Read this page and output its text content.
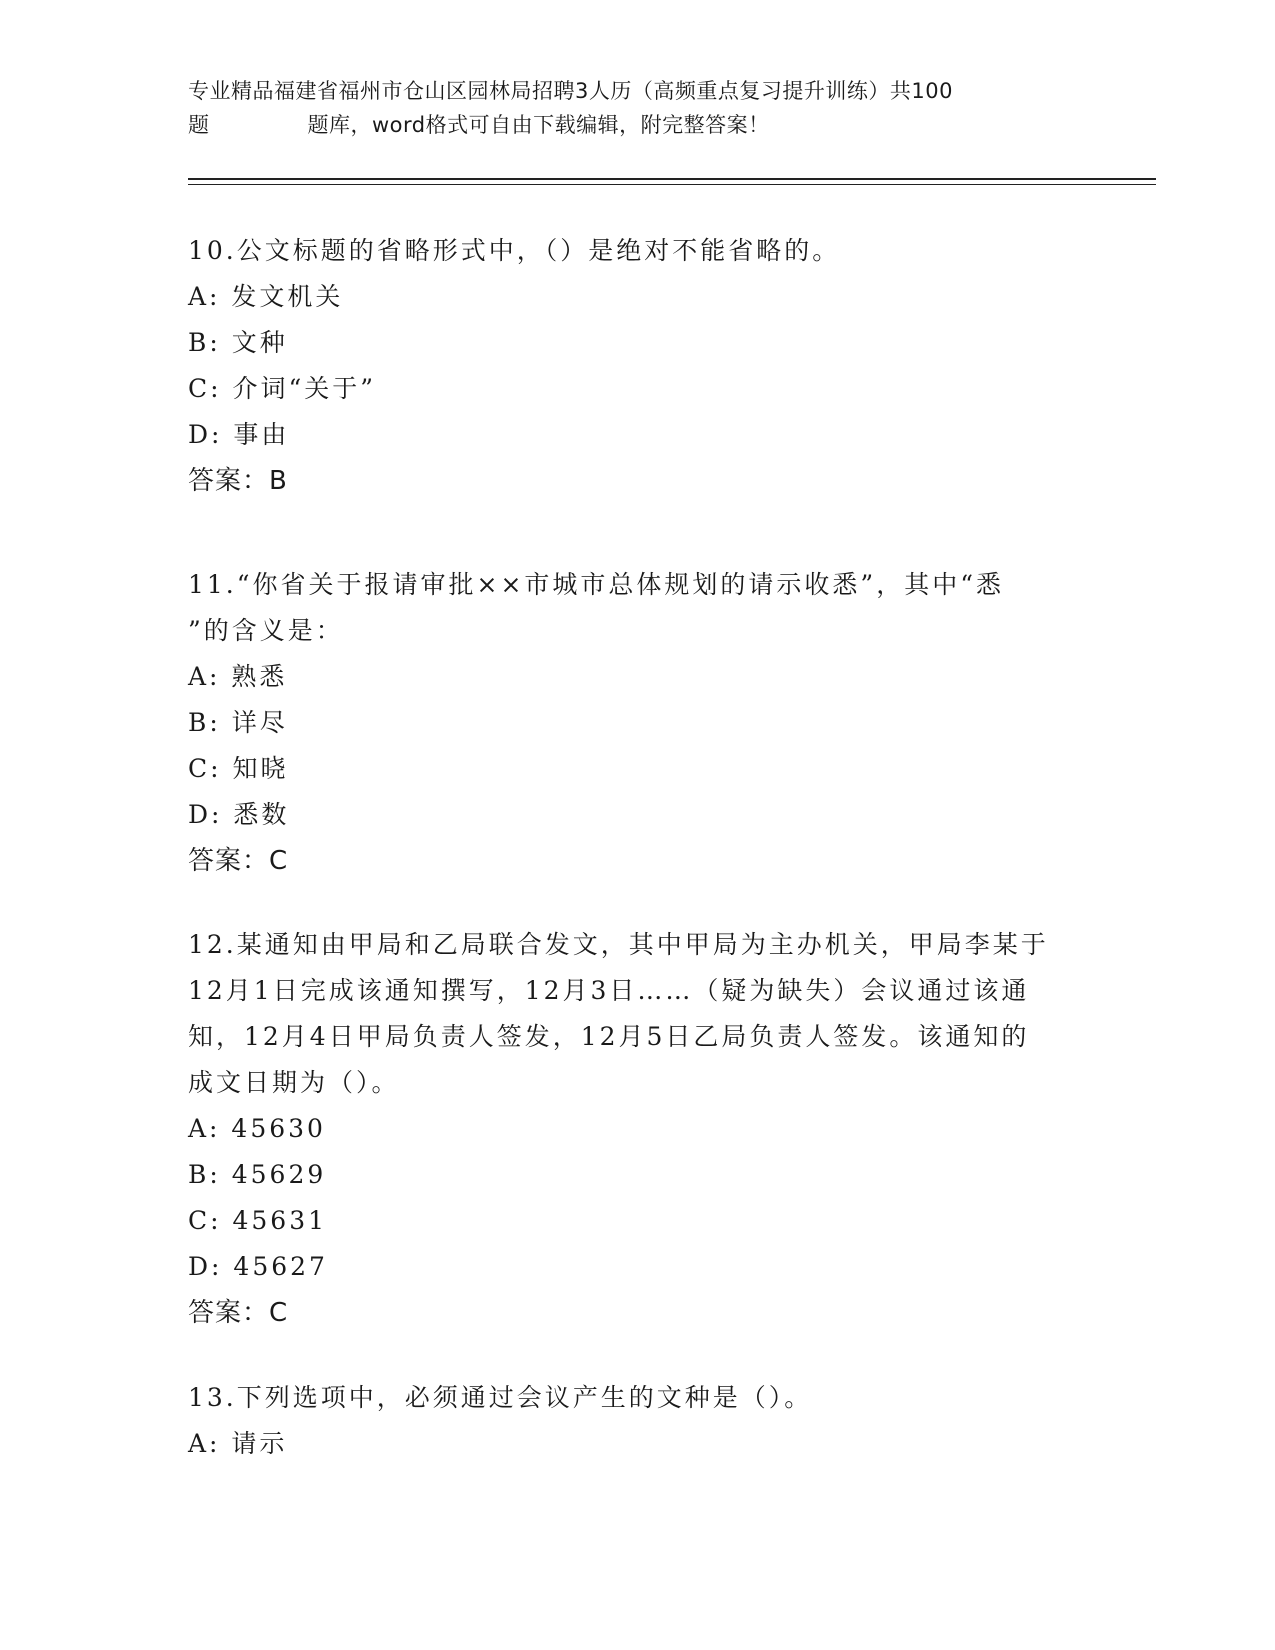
专业精品福建省福州市仓山区园林局招聘3人历（高频重点复习提升训练）共100
题	题库，word格式可自由下载编辑，附完整答案！
10.公文标题的省略形式中，（）是绝对不能省略的。
A: 发文机关
B: 文种
C: 介词“关于”
D: 事由
答案：B
11.“你省关于报请审批××市城市总体规划的请示收悉”，其中“悉
”的含义是：
A: 熟悉
B: 详尽
C: 知晓
D: 悉数
答案：C
12.某通知由甲局和乙局联合发文，其中甲局为主办机关，甲局李某于
12月1日完成该通知撰写，12月3日……（疑为缺失）会议通过该通
知，12月4日甲局负责人签发，12月5日乙局负责人签发。该通知的
成文日期为（）。
A: 45630
B: 45629
C: 45631
D: 45627
答案：C
13.下列选项中，必须通过会议产生的文种是（）。
A: 请示
